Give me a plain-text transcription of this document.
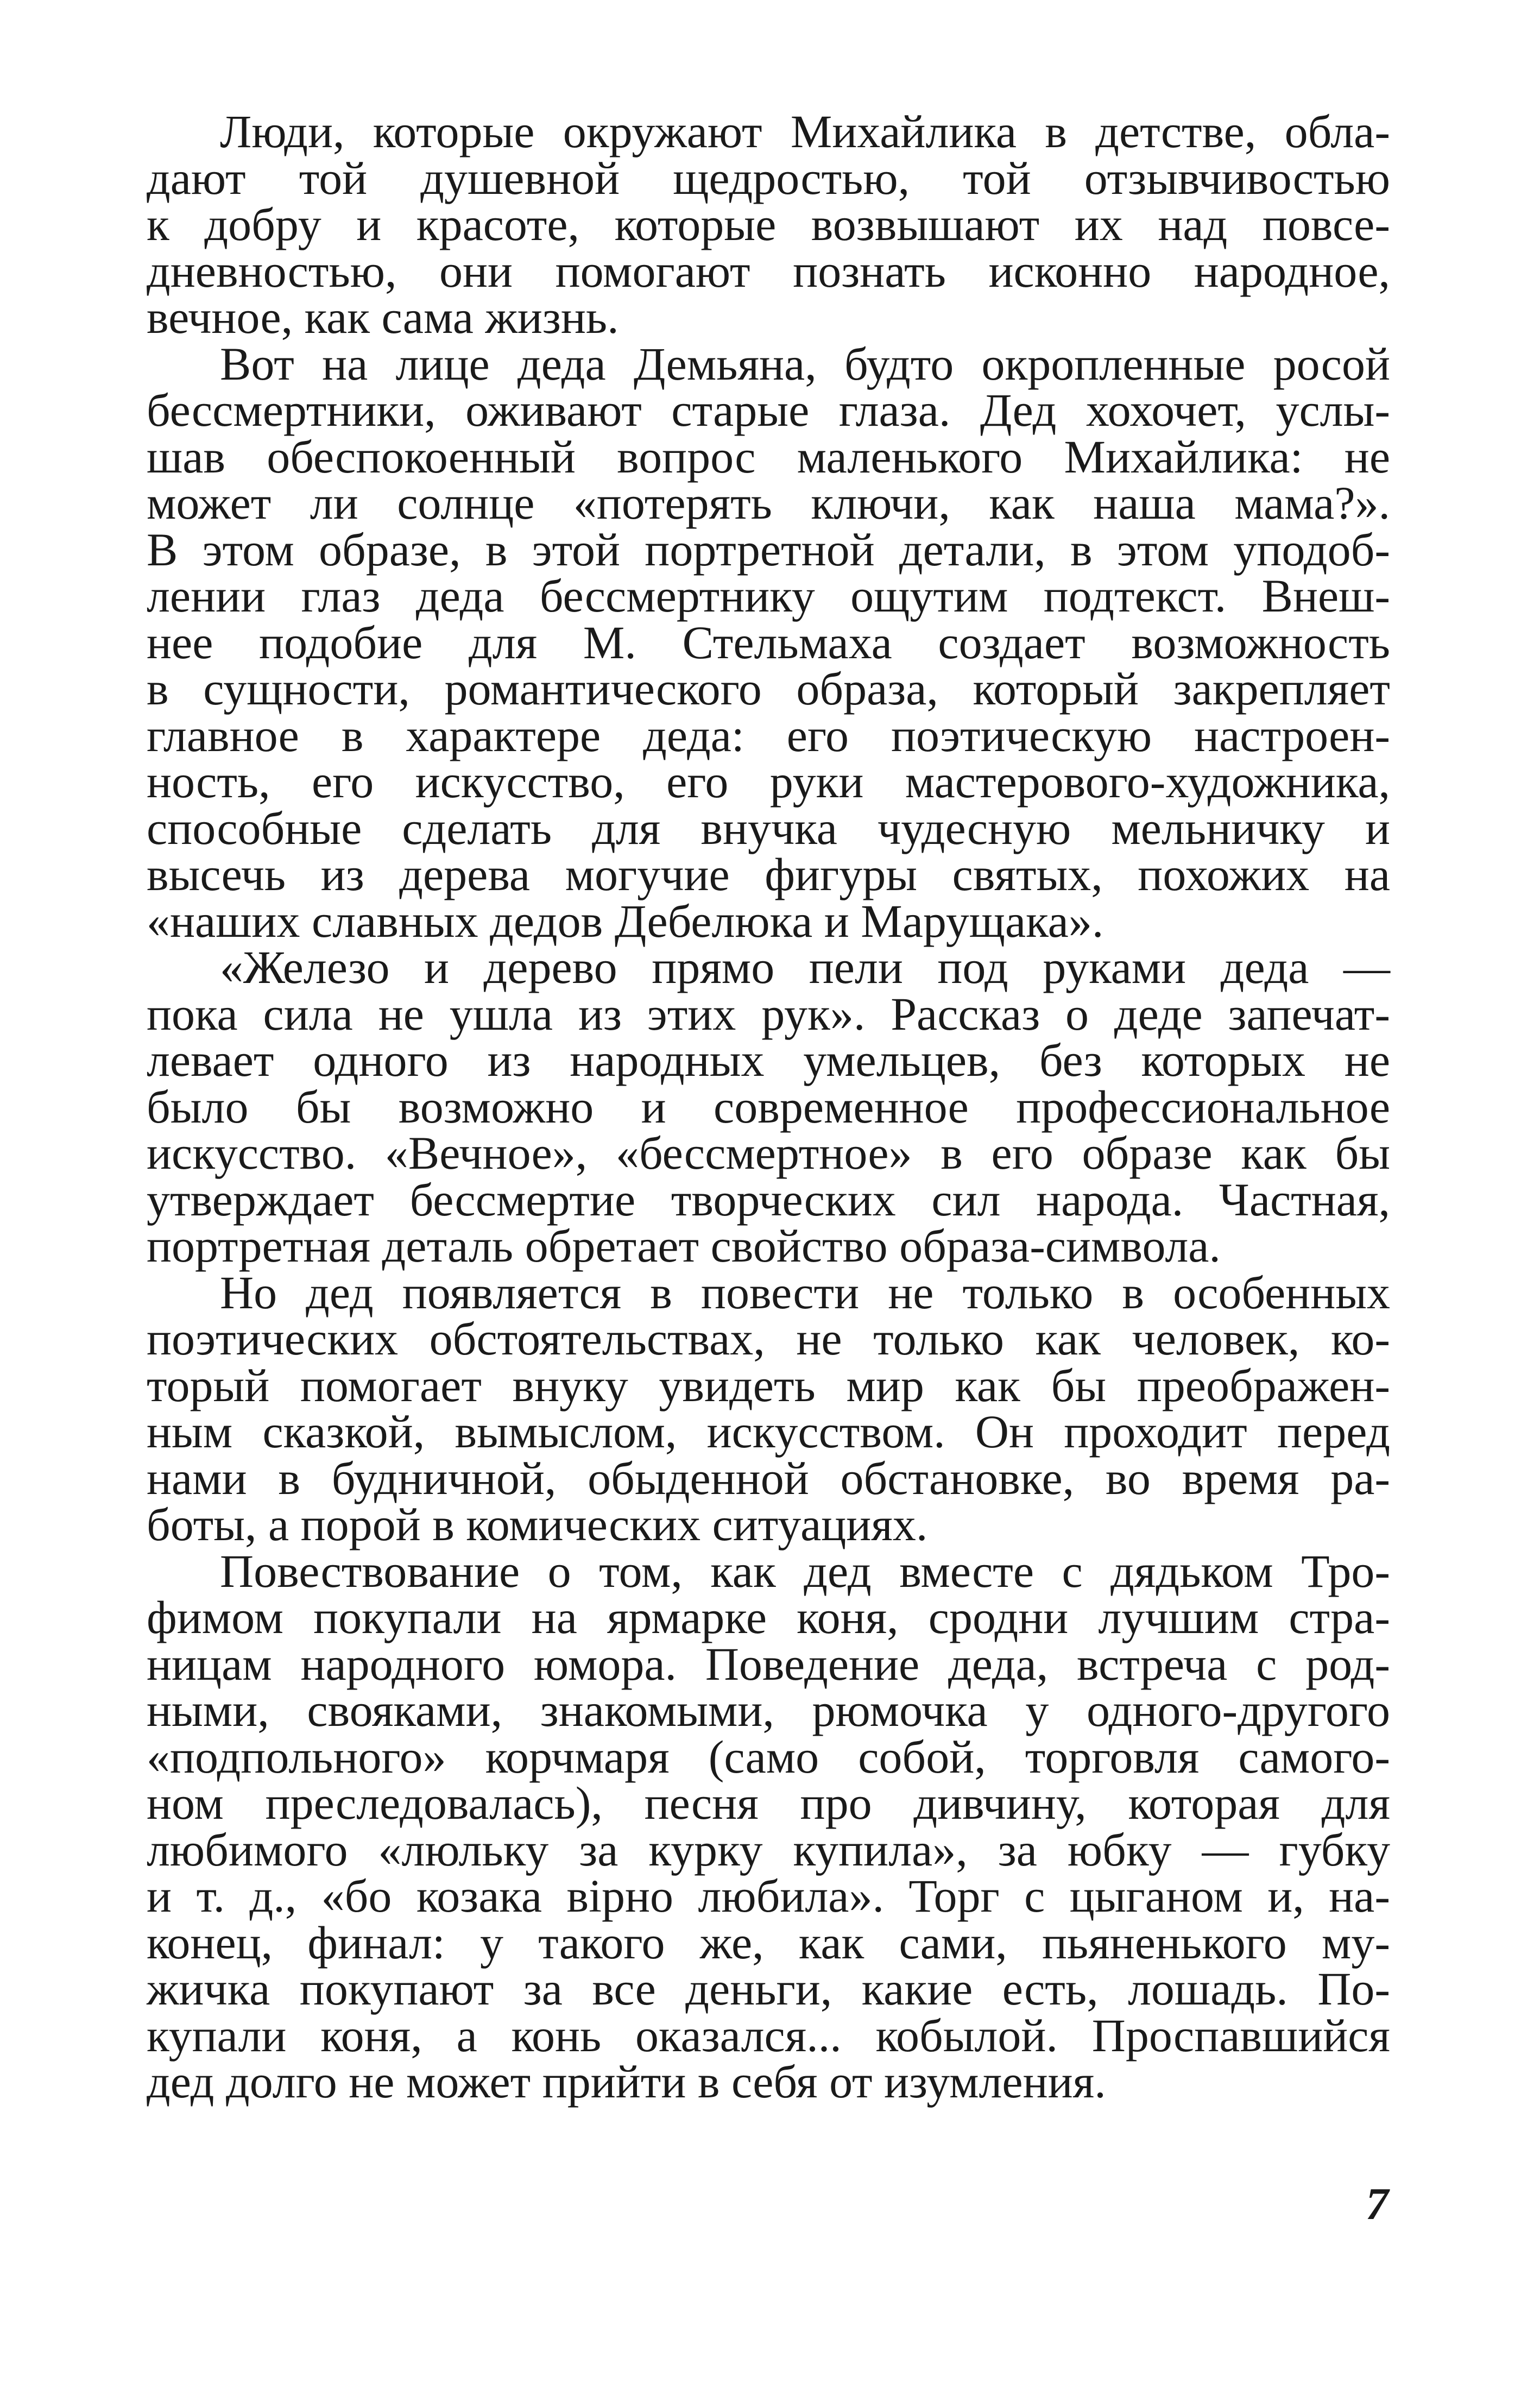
Люди, которые окружают Михайлика в детстве, обла-
дают той душевной щедростью, той отзывчивостью
к добру и красоте, которые возвышают их над повсе-
дневностью, они помогают познать исконно народное,
вечное, как сама жизнь.
Вот на лице деда Демьяна, будто окропленные росой
бессмертники, оживают старые глаза. Дед хохочет, услы-
шав обеспокоенный вопрос маленького Михайлика: не
может ли солнце «потерять ключи, как наша мама?».
В этом образе, в этой портретной детали, в этом уподоб-
лении глаз деда бессмертнику ощутим подтекст. Внеш-
нее подобие для М. Стельмаха создает возможность
в сущности, романтического образа, который закрепляет
главное в характере деда: его поэтическую настроен-
ность, его искусство, его руки мастерового-художника,
способные сделать для внучка чудесную мельничку и
высечь из дерева могучие фигуры святых, похожих на
«наших славных дедов Дебелюка и Марущака».
«Железо и дерево прямо пели под руками деда —
пока сила не ушла из этих рук». Рассказ о деде запечат-
левает одного из народных умельцев, без которых не
было бы возможно и современное профессиональное
искусство. «Вечное», «бессмертное» в его образе как бы
утверждает бессмертие творческих сил народа. Частная,
портретная деталь обретает свойство образа-символа.
Но дед появляется в повести не только в особенных
поэтических обстоятельствах, не только как человек, ко-
торый помогает внуку увидеть мир как бы преображен-
ным сказкой, вымыслом, искусством. Он проходит перед
нами в будничной, обыденной обстановке, во время ра-
боты, а порой в комических ситуациях.
Повествование о том, как дед вместе с дядьком Тро-
фимом покупали на ярмарке коня, сродни лучшим стра-
ницам народного юмора. Поведение деда, встреча с род-
ными, свояками, знакомыми, рюмочка у одного-другого
«подпольного» корчмаря (само собой, торговля самого-
ном преследовалась), песня про дивчину, которая для
любимого «люльку за курку купила», за юбку — губку
и т. д., «бо козака вірно любила». Торг с цыганом и, на-
конец, финал: у такого же, как сами, пьяненького му-
жичка покупают за все деньги, какие есть, лошадь. По-
купали коня, а конь оказался... кобылой. Проспавшийся
дед долго не может прийти в себя от изумления.
7
